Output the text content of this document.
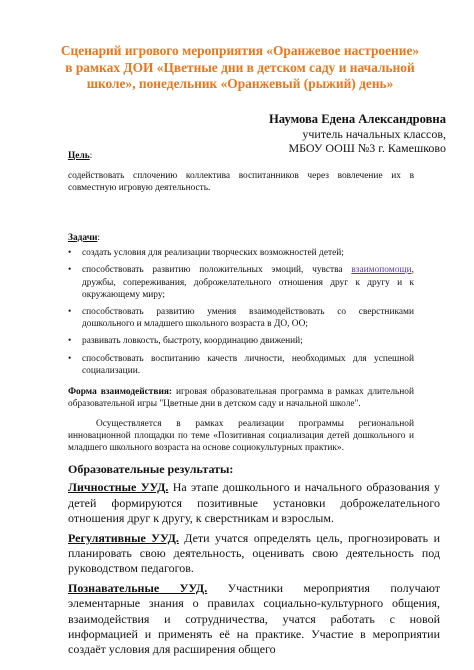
Сценарий игрового мероприятия «Оранжевое настроение» в рамках ДОИ «Цветные дни в детском саду и начальной школе», понедельник «Оранжевый (рыжий) день»
Наумова Едена Александровна
учитель начальных классов,
МБОУ ООШ №3 г. Камешково
Цель:
содействовать сплочению коллектива воспитанников через вовлечение их в совместную игровую деятельность.
Задачи:
• создать условия для реализации творческих возможностей детей;
• способствовать развитию положительных эмоций, чувства взаимопомощи, дружбы, сопереживания, доброжелательного отношения друг к другу и к окружающему миру;
• способствовать развитию умения взаимодействовать со сверстниками дошкольного и младшего школьного возраста в ДО, ОО;
• развивать ловкость, быстроту, координацию движений;
• способствовать воспитанию качеств личности, необходимых для успешной социализации.
Форма взаимодействия: игровая образовательная программа в рамках длительной образовательной игры "Цветные дни в детском саду и начальной школе".
Осуществляется в рамках реализации программы региональной инновационной площадки по теме «Позитивная социализация детей дошкольного и младшего школьного возраста на основе социокультурных практик».

Образовательные результаты:

Личностные УУД. На этапе дошкольного и начального образования у детей формируются позитивные установки доброжелательного отношения друг к другу, к сверстникам и взрослым.

Регулятивные УУД. Дети учатся определять цель, прогнозировать и планировать свою деятельность, оценивать свою деятельность под руководством педагогов.

Познавательные УУД. Участники мероприятия получают элементарные знания о правилах социально-культурного общения, взаимодействия и сотрудничества, учатся работать с новой информацией и применять её на практике. Участие в мероприятии создаёт условия для расширения общего
